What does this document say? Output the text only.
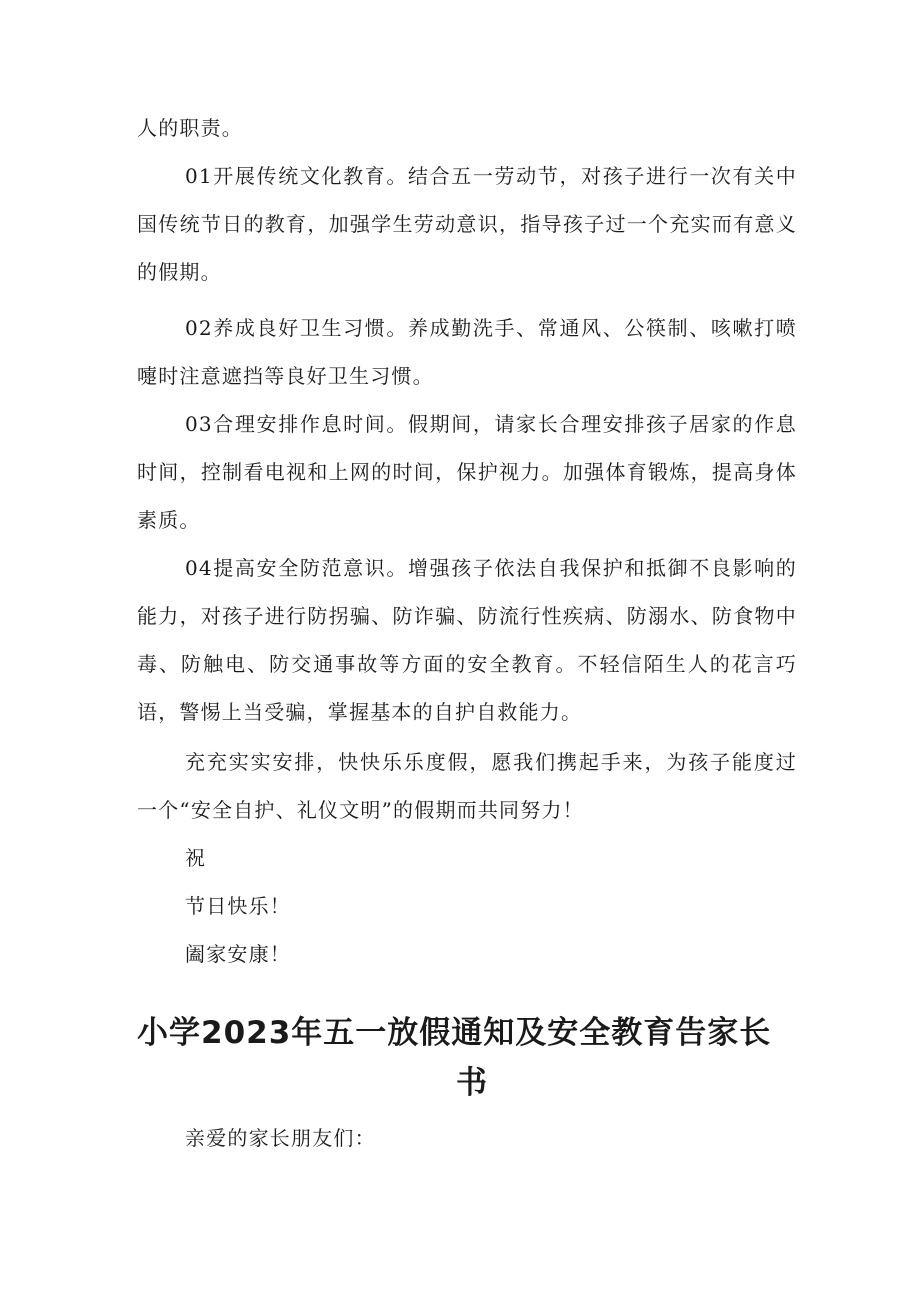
人的职责。

01开展传统文化教育。结合五一劳动节，对孩子进行一次有关中国传统节日的教育，加强学生劳动意识，指导孩子过一个充实而有意义的假期。

02养成良好卫生习惯。养成勤洗手、常通风、公筷制、咳嗽打喷嚏时注意遮挡等良好卫生习惯。

03合理安排作息时间。假期间，请家长合理安排孩子居家的作息时间，控制看电视和上网的时间，保护视力。加强体育锻炼，提高身体素质。

04提高安全防范意识。增强孩子依法自我保护和抵御不良影响的能力，对孩子进行防拐骗、防诈骗、防流行性疾病、防溺水、防食物中毒、防触电、防交通事故等方面的安全教育。不轻信陌生人的花言巧语，警惕上当受骗，掌握基本的自护自救能力。

充充实实安排，快快乐乐度假，愿我们携起手来，为孩子能度过一个“安全自护、礼仪文明”的假期而共同努力！

祝

节日快乐！

阖家安康！

小学2023年五一放假通知及安全教育告家长
书

亲爱的家长朋友们：
